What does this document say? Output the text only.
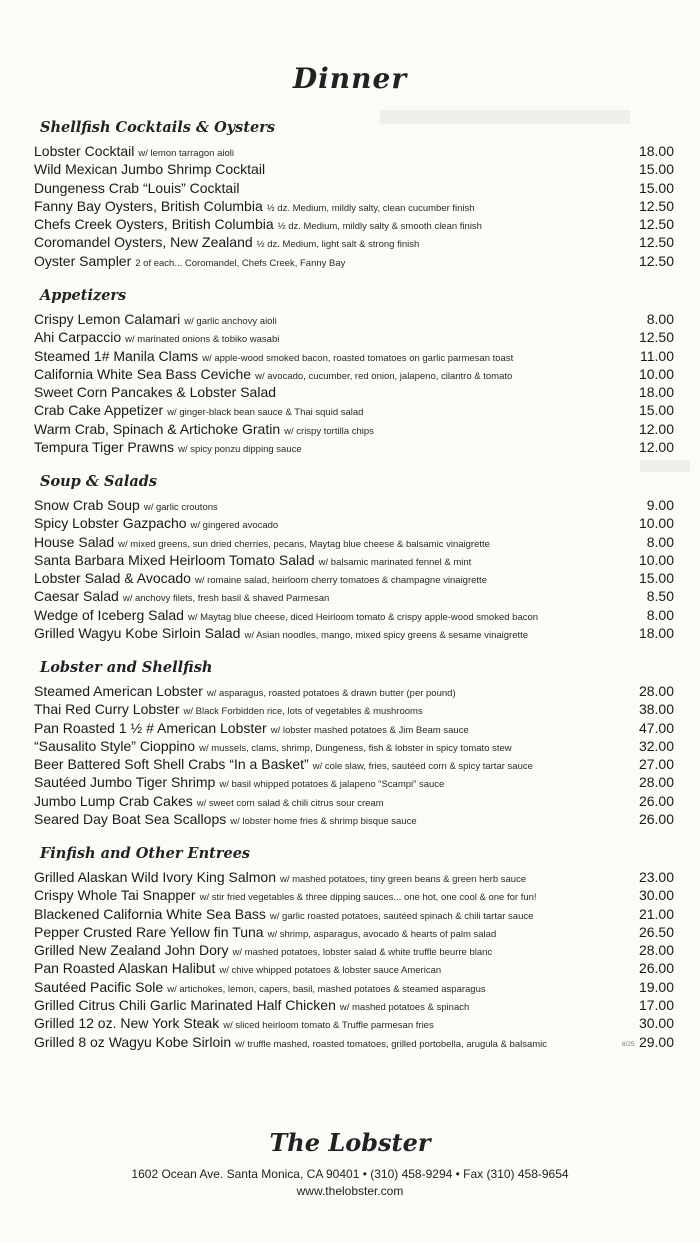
Dinner
Shellfish Cocktails & Oysters
Lobster Cocktail w/ lemon tarragon aioli	18.00
Wild Mexican Jumbo Shrimp Cocktail	15.00
Dungeness Crab “Louis” Cocktail	15.00
Fanny Bay Oysters, British Columbia ½ dz. Medium, mildly salty, clean cucumber finish	12.50
Chefs Creek Oysters, British Columbia ½ dz. Medium, mildly salty & smooth clean finish	12.50
Coromandel Oysters, New Zealand ½ dz. Medium, light salt & strong finish	12.50
Oyster Sampler 2 of each... Coromandel, Chefs Creek, Fanny Bay	12.50
Appetizers
Crispy Lemon Calamari w/ garlic anchovy aioli	8.00
Ahi Carpaccio w/ marinated onions & tobiko wasabi	12.50
Steamed 1# Manila Clams w/ apple-wood smoked bacon, roasted tomatoes on garlic parmesan toast	11.00
California White Sea Bass Ceviche w/ avocado, cucumber, red onion, jalapeno, cilantro & tomato	10.00
Sweet Corn Pancakes & Lobster Salad	18.00
Crab Cake Appetizer w/ ginger-black bean sauce & Thai squid salad	15.00
Warm Crab, Spinach & Artichoke Gratin w/ crispy tortilla chips	12.00
Tempura Tiger Prawns w/ spicy ponzu dipping sauce	12.00
Soup & Salads
Snow Crab Soup w/ garlic croutons	9.00
Spicy Lobster Gazpacho w/ gingered avocado	10.00
House Salad w/ mixed greens, sun dried cherries, pecans, Maytag blue cheese & balsamic vinaigrette	8.00
Santa Barbara Mixed Heirloom Tomato Salad w/ balsamic marinated fennel & mint	10.00
Lobster Salad & Avocado w/ romaine salad, heirloom cherry tomatoes & champagne vinaigrette	15.00
Caesar Salad w/ anchovy filets, fresh basil & shaved Parmesan	8.50
Wedge of Iceberg Salad w/ Maytag blue cheese, diced Heirloom tomato & crispy apple-wood smoked bacon	8.00
Grilled Wagyu Kobe Sirloin Salad w/ Asian noodles, mango, mixed spicy greens & sesame vinaigrette	18.00
Lobster and Shellfish
Steamed American Lobster w/ asparagus, roasted potatoes & drawn butter (per pound)	28.00
Thai Red Curry Lobster w/ Black Forbidden rice, lots of vegetables & mushrooms	38.00
Pan Roasted 1 ½ # American Lobster w/ lobster mashed potatoes & Jim Beam sauce	47.00
“Sausalito Style” Cioppino w/ mussels, clams, shrimp, Dungeness, fish & lobster in spicy tomato stew	32.00
Beer Battered Soft Shell Crabs “In a Basket” w/ cole slaw, fries, sautéed corn & spicy tartar sauce	27.00
Sautéed Jumbo Tiger Shrimp w/ basil whipped potatoes & jalapeno “Scampi” sauce	28.00
Jumbo Lump Crab Cakes w/ sweet corn salad & chili citrus sour cream	26.00
Seared Day Boat Sea Scallops w/ lobster home fries & shrimp bisque sauce	26.00
Finfish and Other Entrees
Grilled Alaskan Wild Ivory King Salmon w/ mashed potatoes, tiny green beans & green herb sauce	23.00
Crispy Whole Tai Snapper w/ stir fried vegetables & three dipping sauces... one hot, one cool & one for fun!	30.00
Blackened California White Sea Bass w/ garlic roasted potatoes, sautéed spinach & chili tartar sauce	21.00
Pepper Crusted Rare Yellow fin Tuna w/ shrimp, asparagus, avocado & hearts of palm salad	26.50
Grilled New Zealand John Dory w/ mashed potatoes, lobster salad & white truffle beurre blanc	28.00
Pan Roasted Alaskan Halibut w/ chive whipped potatoes & lobster sauce American	26.00
Sautéed Pacific Sole w/ artichokes, lemon, capers, basil, mashed potatoes & steamed asparagus	19.00
Grilled Citrus Chili Garlic Marinated Half Chicken w/ mashed potatoes & spinach	17.00
Grilled 12 oz. New York Steak w/ sliced heirloom tomato & Truffle parmesan fries	30.00
Grilled 8 oz Wagyu Kobe Sirloin w/ truffle mashed, roasted tomatoes, grilled portobella, arugula & balsamic	29.00
8/25
The Lobster
1602 Ocean Ave. Santa Monica, CA 90401 • (310) 458-9294 • Fax (310) 458-9654
www.thelobster.com
